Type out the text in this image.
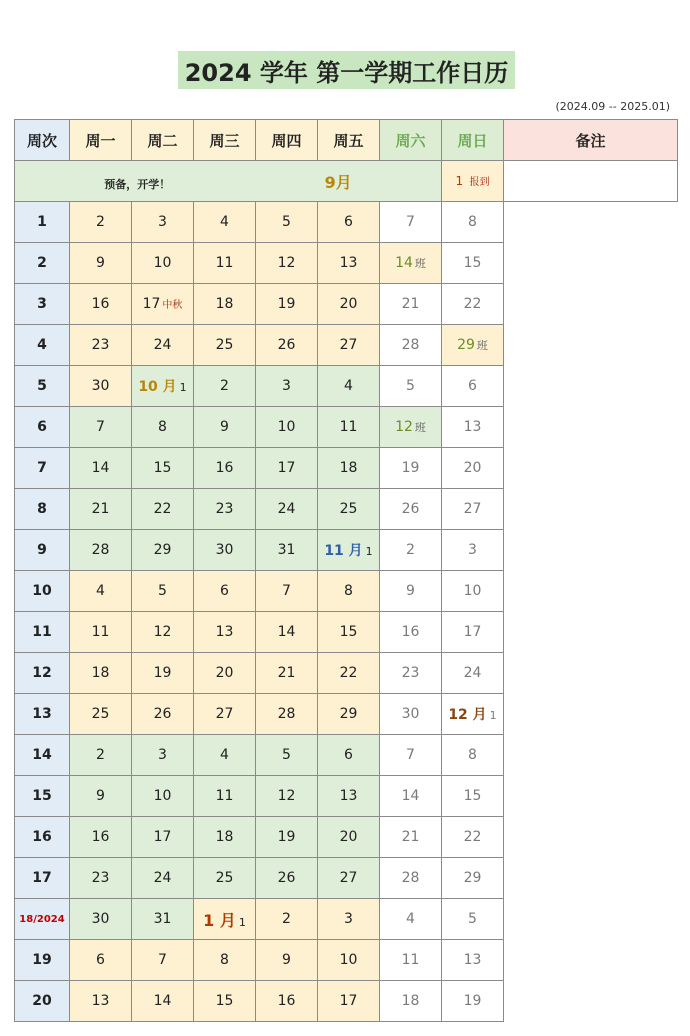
2024 学年 第一学期工作日历
(2024.09 -- 2025.01)
周次	周一	周二	周三	周四	周五	周六	周日	备注
预备，开学！ 9月							1 报到	
1	2	3	4	5	6	7	8	
2	9	10	11	12	13	14 班	15	
3	16	17 中秋	18	19	20	21	22	
4	23	24	25	26	27	28	29 班	
5	30	10 月 1	2	3	4	5	6	
6	7	8	9	10	11	12 班	13	
7	14	15	16	17	18	19	20	
8	21	22	23	24	25	26	27	
9	28	29	30	31	11 月 1	2	3	
10	4	5	6	7	8	9	10	
11	11	12	13	14	15	16	17	
12	18	19	20	21	22	23	24	
13	25	26	27	28	29	30	12 月 1	
14	2	3	4	5	6	7	8	
15	9	10	11	12	13	14	15	
16	16	17	18	19	20	21	22	
17	23	24	25	26	27	28	29	
18/2024	30	31	1 月 1	2	3	4	5	
19	6	7	8	9	10	11	13	
20	13	14	15	16	17	18	19	
